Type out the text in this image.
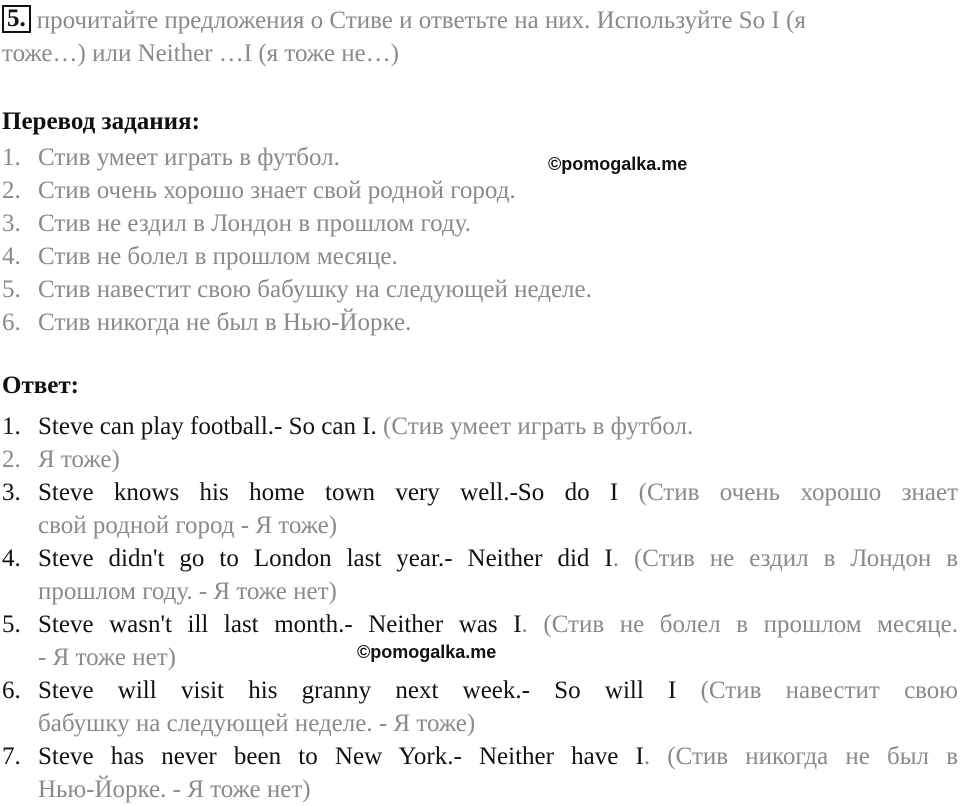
5. прочитайте предложения о Стиве и ответьте на них. Используйте So I (я
тоже…) или Neither …I (я тоже не…)
Перевод задания:
1. Стив умеет играть в футбол.
2. Стив очень хорошо знает свой родной город.
3. Стив не ездил в Лондон в прошлом году.
4. Стив не болел в прошлом месяце.
5. Стив навестит свою бабушку на следующей неделе.
6. Стив никогда не был в Нью-Йорке.
©pomogalka.me
©pomogalka.me
Ответ:
1. Steve can play football.- So can I. (Стив умеет играть в футбол.
2. Я тоже)
3. Steve knows his home town very well.-So do I (Стив очень хорошо знает
свой родной город - Я тоже)
4. Steve didn't go to London last year.- Neither did I. (Стив не ездил в Лондон в
прошлом году. - Я тоже нет)
5. Steve wasn't ill last month.- Neither was I. (Стив не болел в прошлом месяце.
- Я тоже нет)
6. Steve will visit his granny next week.- So will I (Стив навестит свою
бабушку на следующей неделе. - Я тоже)
7. Steve has never been to New York.- Neither have I. (Стив никогда не был в
Нью-Йорке. - Я тоже нет)
